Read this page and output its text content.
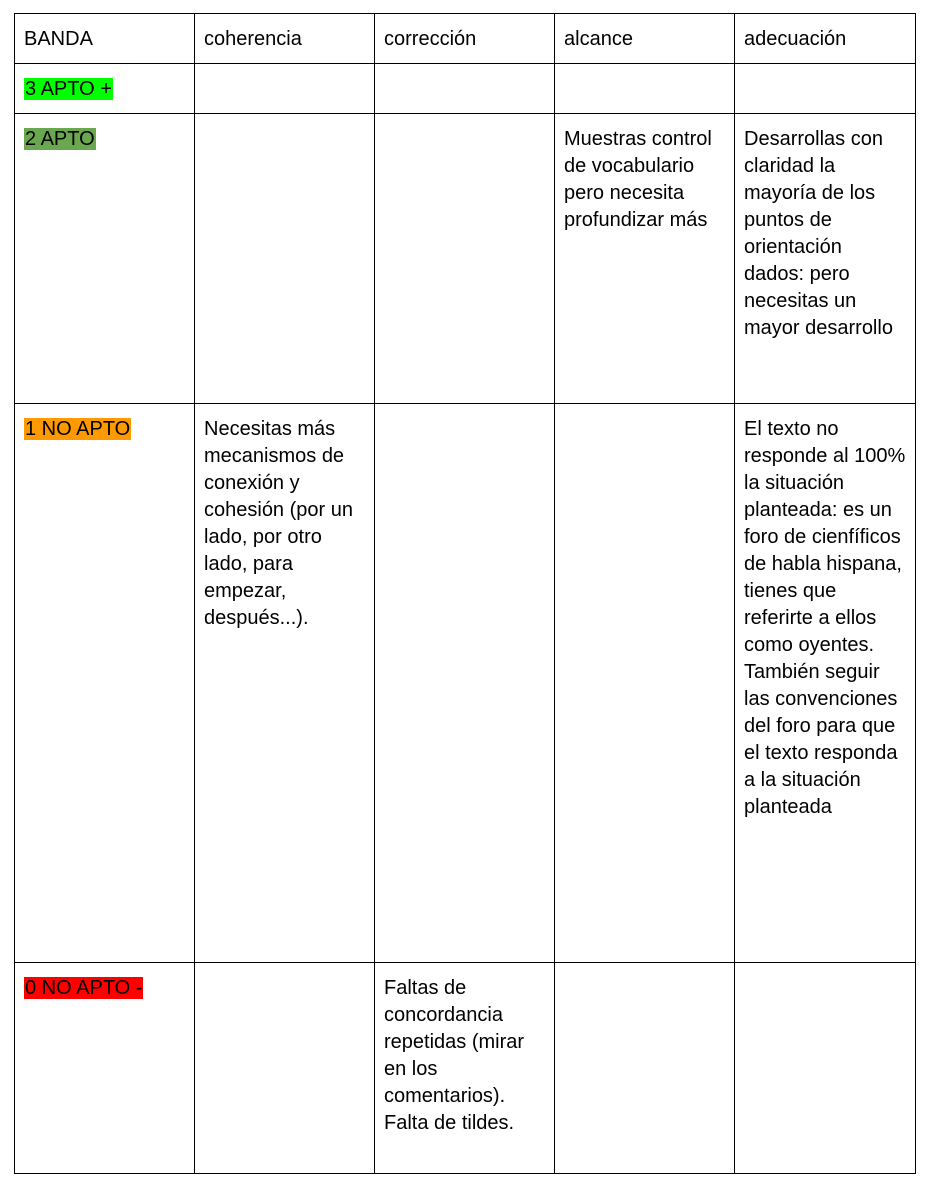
BANDA	coherencia	corrección	alcance	adecuación
3 APTO +	

2 APTO			Muestras control de vocabulario pero necesita profundizar más	Desarrollas con claridad la mayoría de los puntos de orientación dados: pero necesitas un mayor desarrollo

1 NO APTO	Necesitas más mecanismos de conexión y cohesión (por un lado, por otro lado, para empezar, después...).			El texto no responde al 100% la situación planteada: es un foro de cienfíficos de habla hispana, tienes que referirte a ellos como oyentes. También seguir las convenciones del foro para que el texto responda a la situación planteada

0 NO APTO -		Faltas de concordancia repetidas (mirar en los comentarios). Falta de tildes.		
